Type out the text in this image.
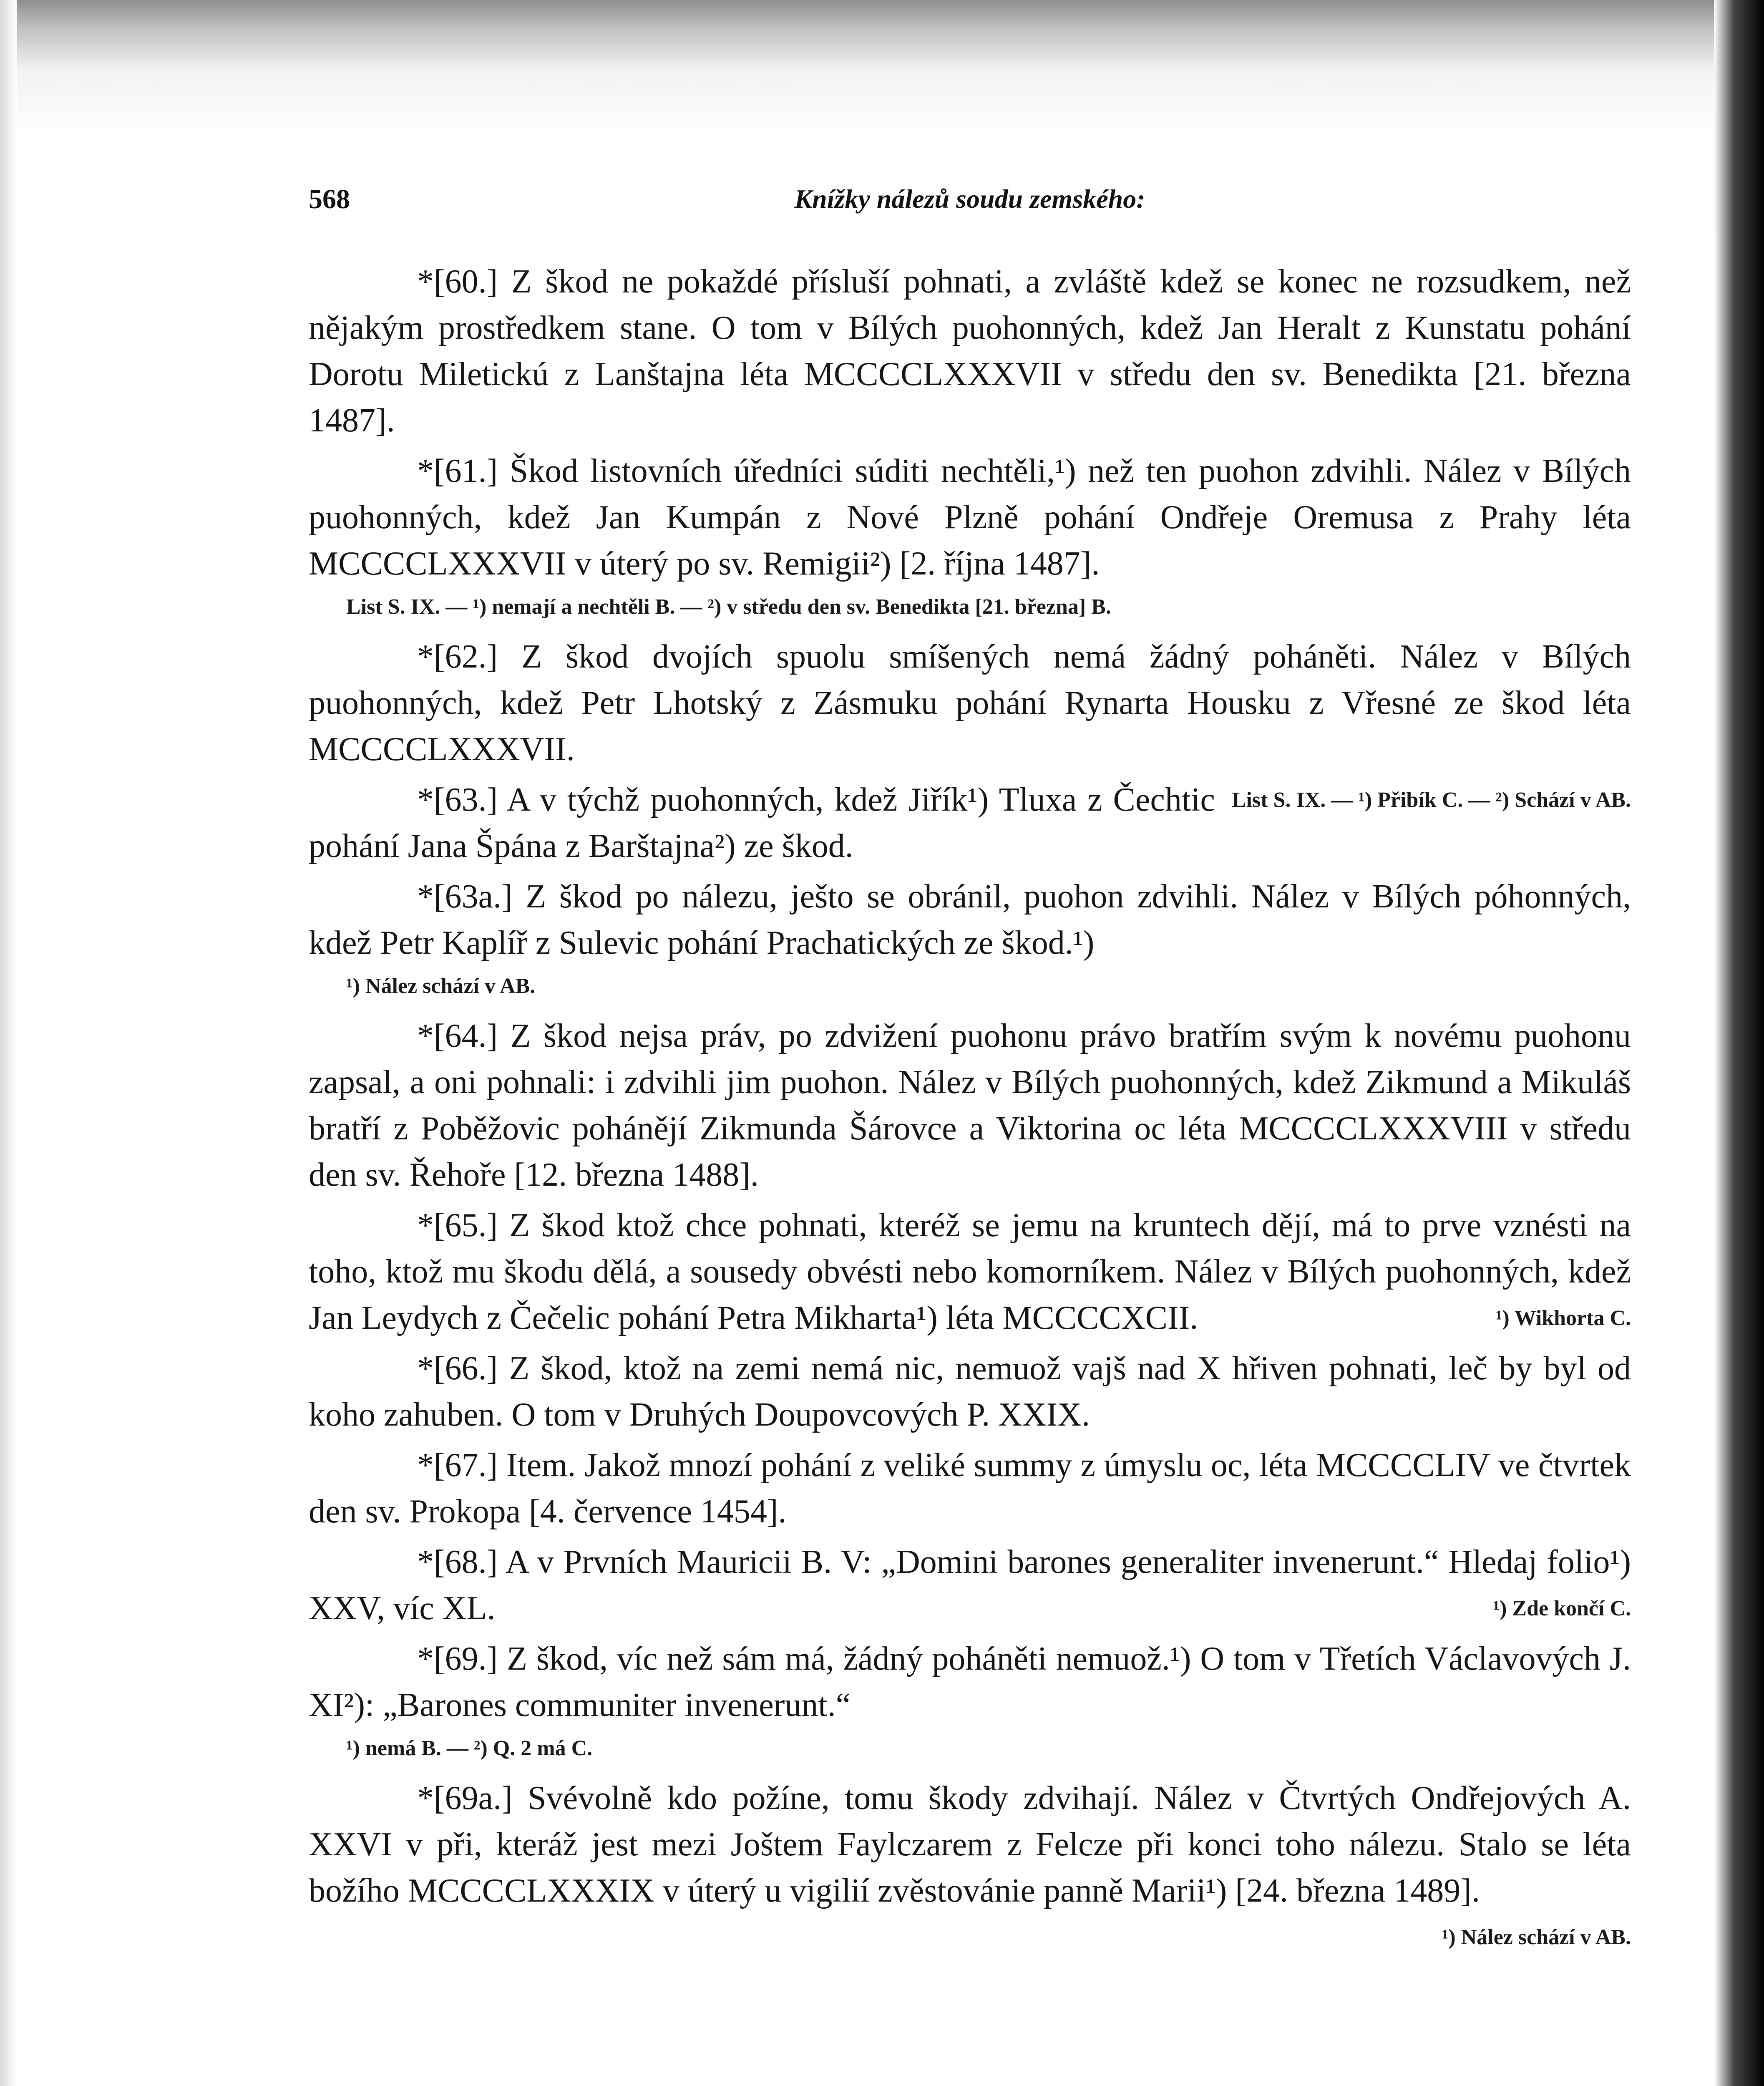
568	Knížky nálezů soudu zemského:

*[60.] Z škod ne pokaždé přísluší pohnati, a zvláště kdež se konec ne rozsudkem, než nějakým prostředkem stane. O tom v Bílých puohonných, kdež Jan Heralt z Kunstatu pohání Dorotu Miletickú z Lanštajna léta MCCCCLXXXVII v středu den sv. Benedikta [21. března 1487].

*[61.] Škod listovních úředníci súditi nechtěli,¹) než ten puohon zdvihli. Nález v Bílých puohonných, kdež Jan Kumpán z Nové Plzně pohání Ondřeje Oremusa z Prahy léta MCCCCLXXXVII v úterý po sv. Remigii²) [2. října 1487].

List S. IX. — ¹) nemají a nechtěli B. — ²) v středu den sv. Benedikta [21. března] B.

*[62.] Z škod dvojích spuolu smíšených nemá žádný poháněti. Nález v Bílých puohonných, kdež Petr Lhotský z Zásmuku pohání Rynarta Housku z Vřesné ze škod léta MCCCCLXXXVII.

List S. IX. — ¹) Přibík C. — ²) Schází v AB.
*[63.] A v týchž puohonných, kdež Jiřík¹) Tluxa z Čechtic pohání Jana Špána z Barštajna²) ze škod.

*[63a.] Z škod po nálezu, ješto se obránil, puohon zdvihli. Nález v Bílých póhonných, kdež Petr Kaplíř z Sulevic pohání Prachatických ze škod.¹)

¹) Nález schází v AB.

*[64.] Z škod nejsa práv, po zdvižení puohonu právo bratřím svým k novému puohonu zapsal, a oni pohnali: i zdvihli jim puohon. Nález v Bílých puohonných, kdež Zikmund a Mikuláš bratří z Poběžovic pohánějí Zikmunda Šárovce a Viktorina oc léta MCCCCLXXXVIII v středu den sv. Řehoře [12. března 1488].

*[65.] Z škod ktož chce pohnati, kteréž se jemu na kruntech dějí, má to prve vznésti na toho, ktož mu škodu dělá, a sousedy obvésti nebo komorníkem. Nález v Bílých puohonných, kdež Jan Leydych z Čečelic pohání Petra Mikharta¹) léta MCCCCXCII.	¹) Wikhorta C.

*[66.] Z škod, ktož na zemi nemá nic, nemuož vajš nad X hřiven pohnati, leč by byl od koho zahuben. O tom v Druhých Doupovcových P. XXIX.

*[67.] Item. Jakož mnozí pohání z veliké summy z úmyslu oc, léta MCCCCLIV ve čtvrtek den sv. Prokopa [4. července 1454].

*[68.] A v Prvních Mauricii B. V: „Domini barones generaliter invenerunt.“ Hledaj folio¹) XXV, víc XL.	¹) Zde končí C.

*[69.] Z škod, víc než sám má, žádný poháněti nemuož.¹) O tom v Třetích Václavových J. XI²): „Barones communiter invenerunt.“

¹) nemá B. — ²) Q. 2 má C.

*[69a.] Svévolně kdo požíne, tomu škody zdvihají. Nález v Čtvrtých Ondřejových A. XXVI v při, kteráž jest mezi Joštem Faylczarem z Felcze při konci toho nálezu. Stalo se léta božího MCCCCLXXXIX v úterý u vigilií zvěstovánie panně Marii¹) [24. března 1489].
¹) Nález schází v AB.
